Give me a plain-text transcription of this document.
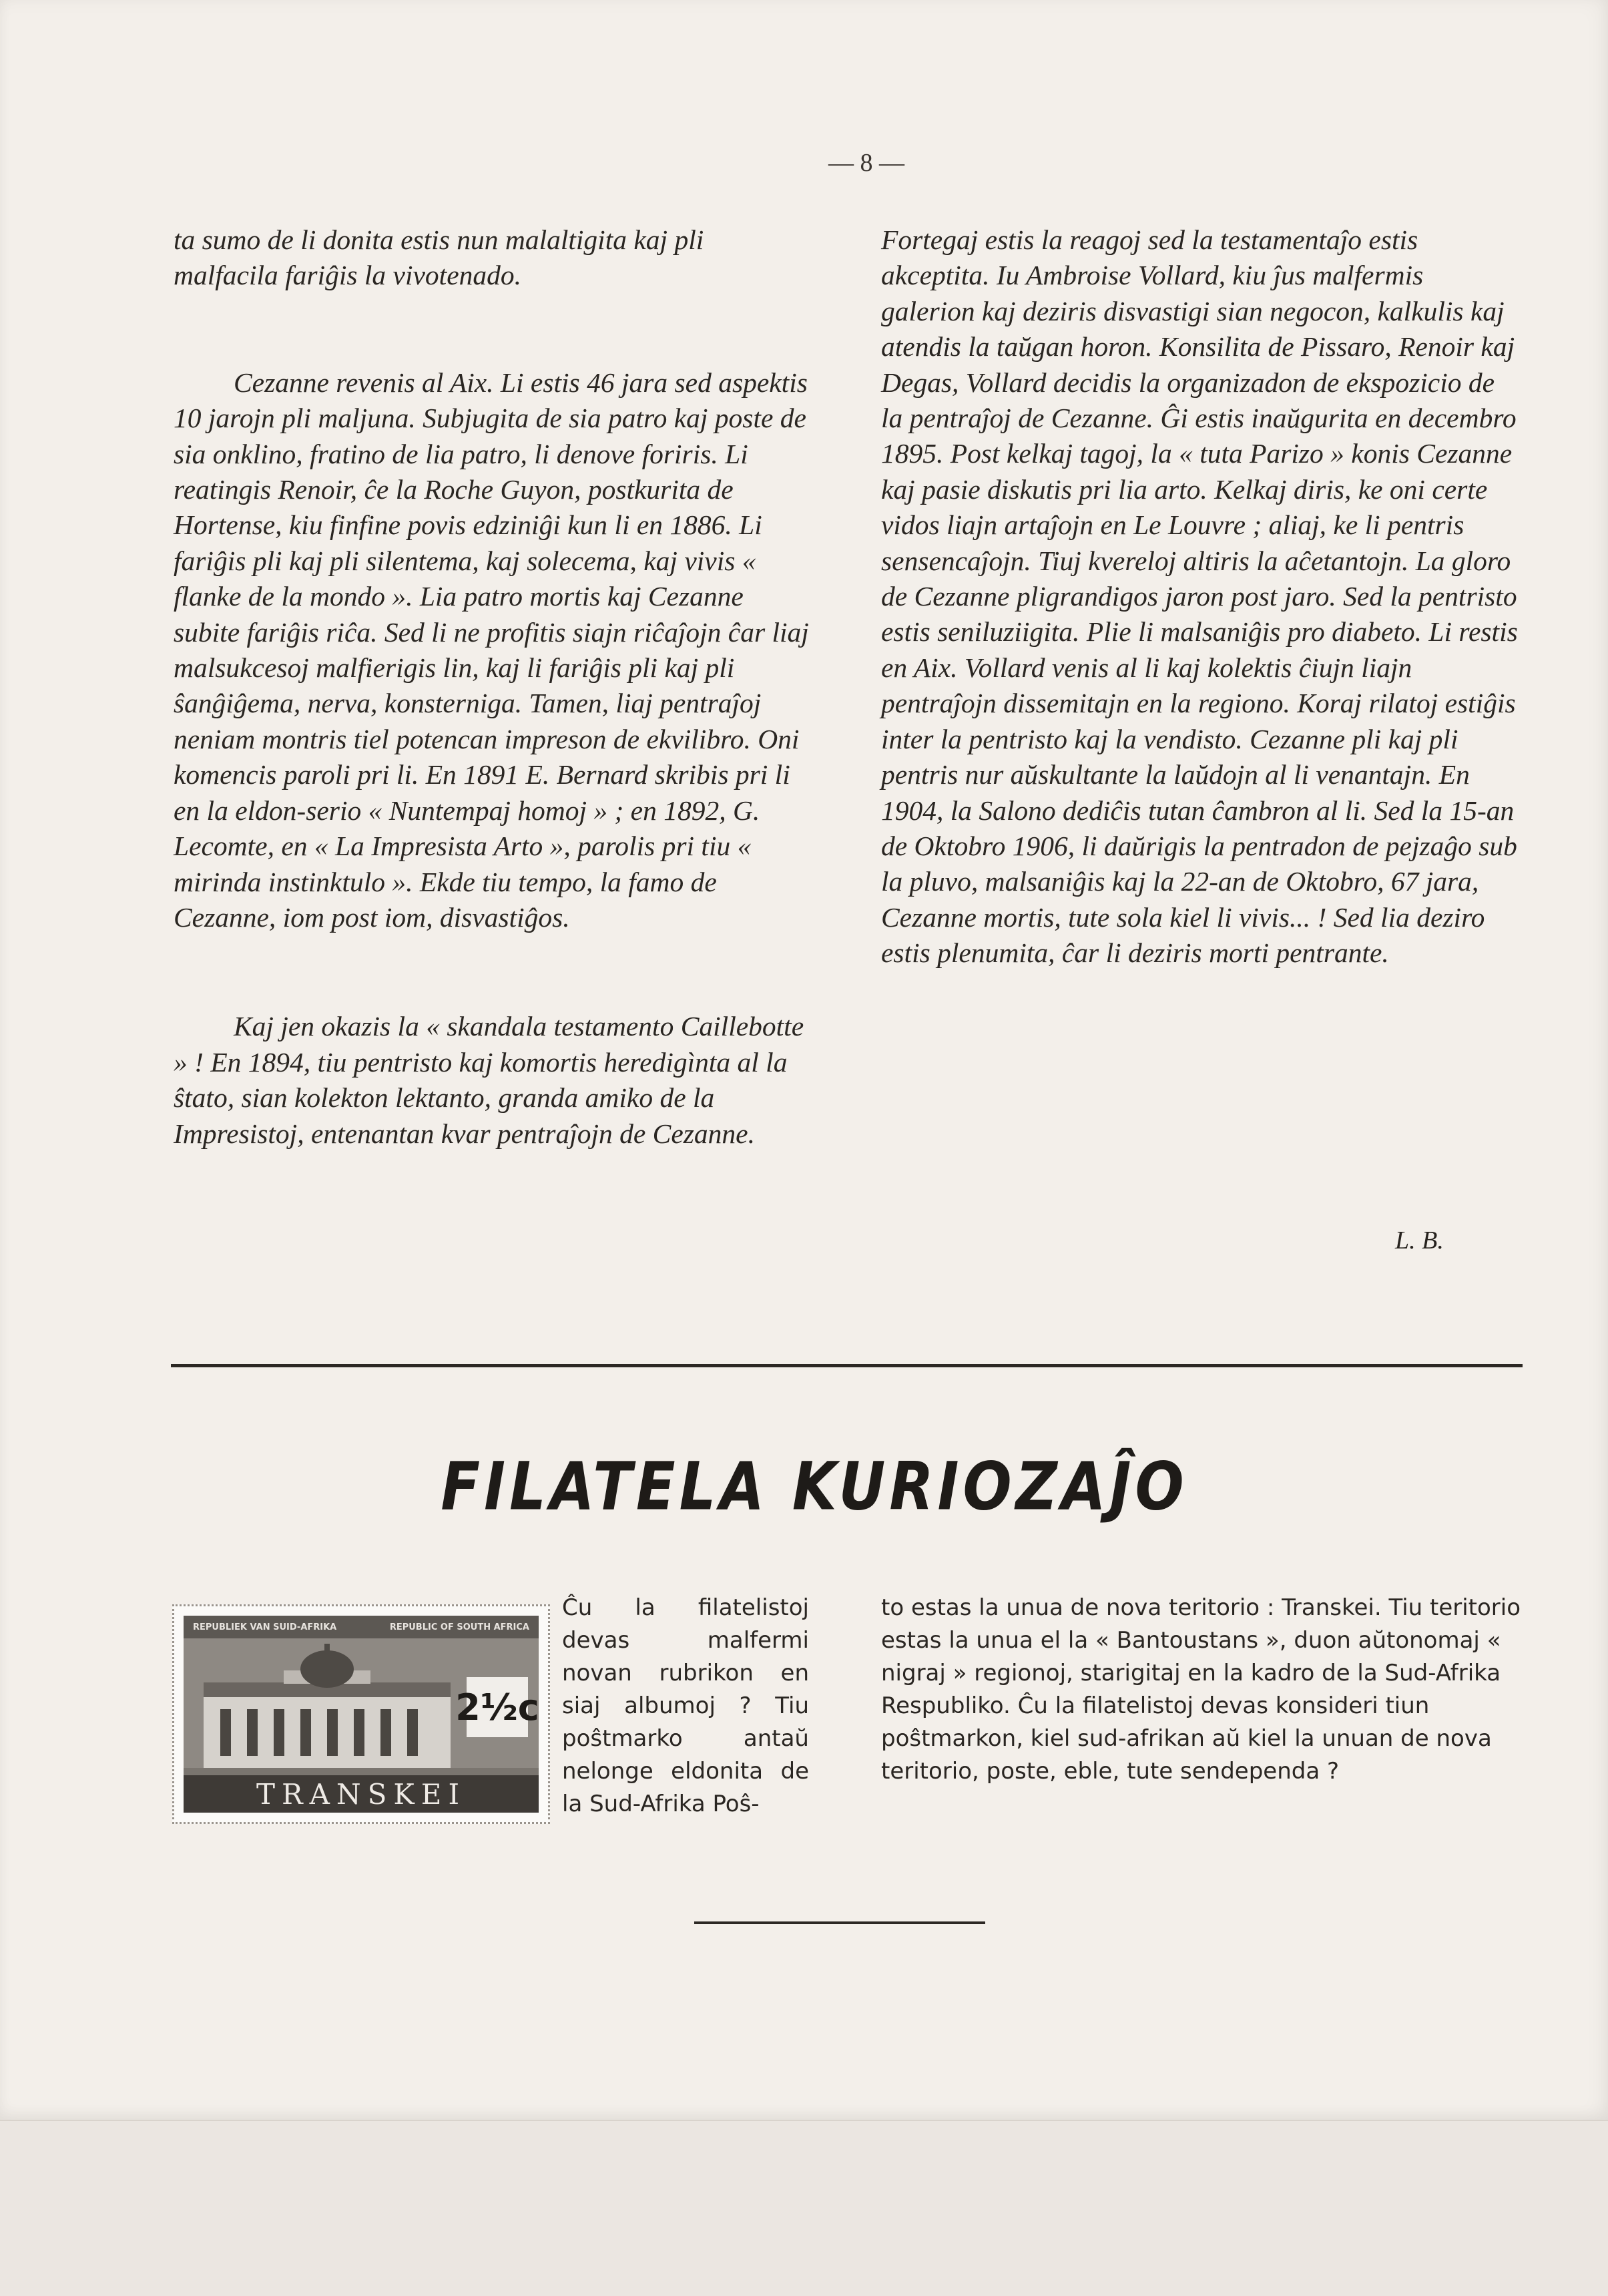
— 8 —

ta sumo de li donita estis nun malaltigita kaj pli malfacila fariĝis la vivotenado.

Cezanne revenis al Aix. Li estis 46 jara sed aspektis 10 jarojn pli maljuna. Subjugita de sia patro kaj poste de sia onklino, fratino de lia patro, li denove foriris. Li reatingis Renoir, ĉe la Roche Guyon, postkurita de Hortense, kiu finfine povis edziniĝi kun li en 1886. Li fariĝis pli kaj pli silentema, kaj solecema, kaj vivis « flanke de la mondo ». Lia patro mortis kaj Cezanne subite fariĝis riĉa. Sed li ne profitis siajn riĉaĵojn ĉar liaj malsukcesoj malfierigis lin, kaj li fariĝis pli kaj pli ŝanĝiĝema, nerva, konsterniga. Tamen, liaj pentraĵoj neniam montris tiel potencan impreson de ekvilibro. Oni komencis paroli pri li. En 1891 E. Bernard skribis pri li en la eldon-serio « Nuntempaj homoj » ; en 1892, G. Lecomte, en « La Impresista Arto », parolis pri tiu « mirinda instinktulo ». Ekde tiu tempo, la famo de Cezanne, iom post iom, disvastiĝos.

Kaj jen okazis la « skandala testamento Caillebotte » ! En 1894, tiu pentristo kaj komortis heredigìnta al la ŝtato, sian kolekton lektanto, granda amiko de la Impresistoj, entenantan kvar pentraĵojn de Cezanne.

Fortegaj estis la reagoj sed la testamentaĵo estis akceptita. Iu Ambroise Vollard, kiu ĵus malfermis galerion kaj deziris disvastigi sian negocon, kalkulis kaj atendis la taŭgan horon. Konsilita de Pissaro, Renoir kaj Degas, Vollard decidis la organizadon de ekspozicio de la pentraĵoj de Cezanne. Ĝi estis inaŭgurita en decembro 1895. Post kelkaj tagoj, la « tuta Parizo » konis Cezanne kaj pasie diskutis pri lia arto. Kelkaj diris, ke oni certe vidos liajn artaĵojn en Le Louvre ; aliaj, ke li pentris sensencaĵojn. Tiuj kvereloj altiris la aĉetantojn. La gloro de Cezanne pligrandigos jaron post jaro. Sed la pentristo estis seniluziigita. Plie li malsaniĝis pro diabeto. Li restis en Aix. Vollard venis al li kaj kolektis ĉiujn liajn pentraĵojn dissemitajn en la regiono. Koraj rilatoj estiĝis inter la pentristo kaj la vendisto. Cezanne pli kaj pli pentris nur aŭskultante la laŭdojn al li venantajn. En 1904, la Salono dediĉis tutan ĉambron al li. Sed la 15-an de Oktobro 1906, li daŭrigis la pentradon de pejzaĝo sub la pluvo, malsaniĝis kaj la 22-an de Oktobro, 67 jara, Cezanne mortis, tute sola kiel li vivis... ! Sed lia deziro estis plenumita, ĉar li deziris morti pentrante.

L. B.
FILATELA KURIOZAĴO
REPUBLIEK VAN SUID-AFRIKA	REPUBLIC OF SOUTH AFRICA
2½c
TRANSKEI
Ĉu la filatelistoj devas malfermi novan rubrikon en siaj albumoj ? Tiu poŝtmarko antaŭ nelonge eldonita de la Sud-Afrika Poŝ-
to estas la unua de nova teritorio : Transkei. Tiu teritorio estas la unua el la « Bantoustans », duon aŭtonomaj « nigraj » regionoj, starigitaj en la kadro de la Sud-Afrika Respubliko. Ĉu la filatelistoj devas konsideri tiun poŝtmarkon, kiel sud-afrikan aŭ kiel la unuan de nova teritorio, poste, eble, tute sendependa ?
